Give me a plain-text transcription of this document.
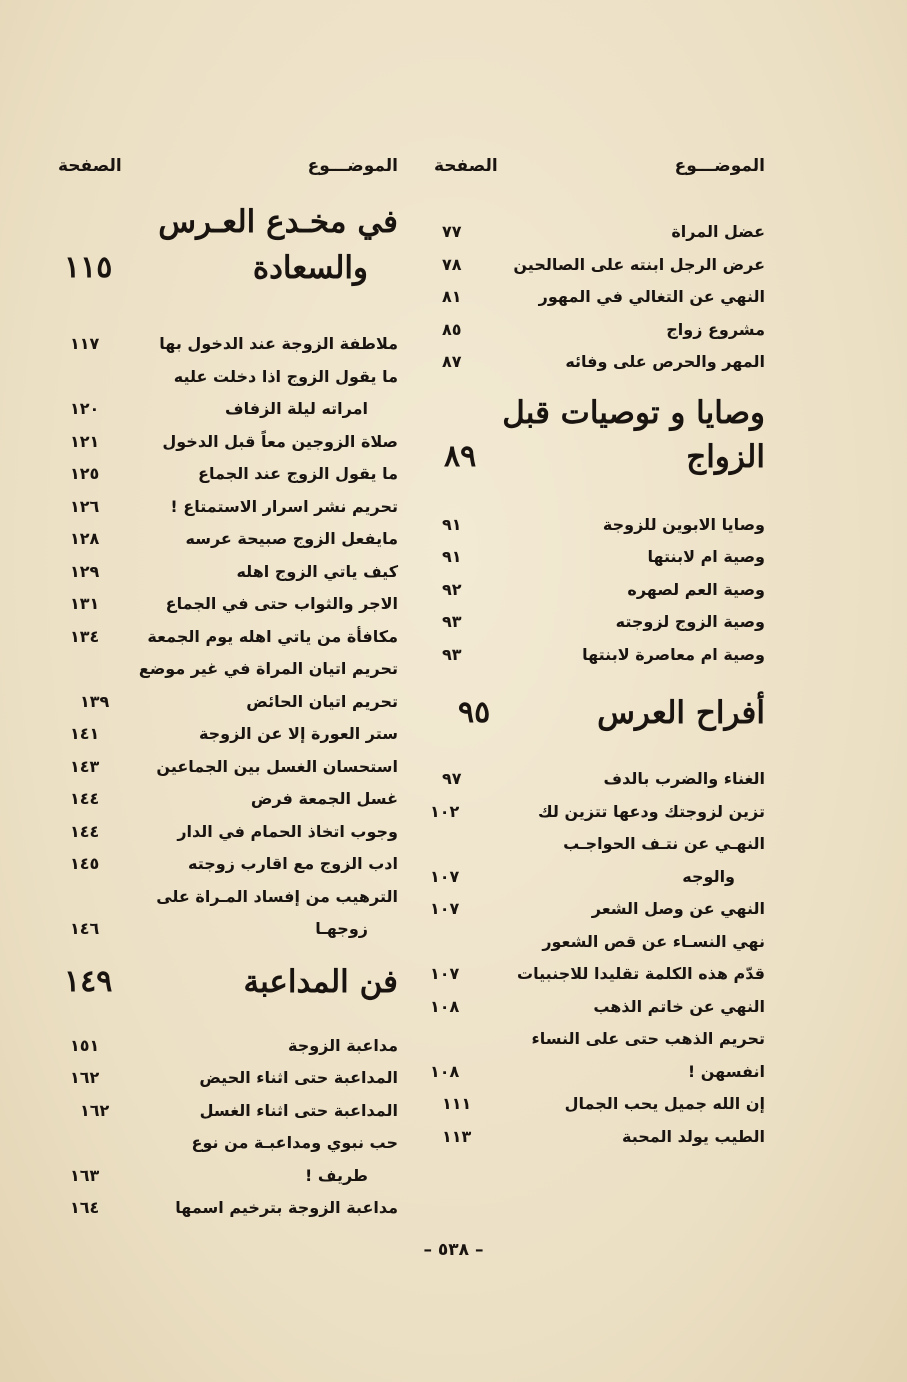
الموضـــوع
الصفحة
عضل المراة
٧٧
عرض الرجل ابنته على الصالحين
٧٨
النهي عن التغالي في المهور
٨١
مشروع زواج
٨٥
المهر والحرص على وفائه
٨٧
وصايا و توصيات قبل
الزواج
٨٩
وصايا الابوين للزوجة
٩١
وصية ام لابنتها
٩١
وصية العم لصهره
٩٢
وصية الزوج لزوجته
٩٣
وصية ام معاصرة لابنتها
٩٣
أفراح العرس
٩٥
الغناء والضرب بالدف
٩٧
تزين لزوجتك ودعها تتزين لك
١٠٢
النهـي عن نتـف الحواجـب
والوجه
١٠٧
النهي عن وصل الشعر
١٠٧
نهي النسـاء عن قص الشعور
قدّم هذه الكلمة تقليدا للاجنبيات
١٠٧
النهي عن خاتم الذهب
١٠٨
تحريم الذهب حتى على النساء
انفسهن !
١٠٨
إن الله جميل يحب الجمال
١١١
الطيب يولد المحبة
١١٣
الموضـــوع
الصفحة
في مخـدع العـرس
والسعادة
١١٥
ملاطفة الزوجة عند الدخول بها
١١٧
ما يقول الزوج اذا دخلت عليه
امراته ليلة الزفاف
١٢٠
صلاة الزوجين معاً قبل الدخول
١٢١
ما يقول الزوج عند الجماع
١٢٥
تحريم نشر اسرار الاستمتاع !
١٢٦
مايفعل الزوج صبيحة عرسه
١٢٨
كيف ياتي الزوج اهله
١٢٩
الاجر والثواب حتى في الجماع
١٣١
مكافأة من ياتي اهله يوم الجمعة
١٣٤
تحريم اتيان المراة في غير موضع
تحريم اتيان الحائض
١٣٩
ستر العورة إلا عن الزوجة
١٤١
استحسان الغسل بين الجماعين
١٤٣
غسل الجمعة فرض
١٤٤
وجوب اتخاذ الحمام في الدار
١٤٤
ادب الزوج مع اقارب زوجته
١٤٥
الترهيب من إفساد المـراة على
زوجهـا
١٤٦
فن المداعبة
١٤٩
مداعبة الزوجة
١٥١
المداعبة حتى اثناء الحيض
١٦٢
المداعبة حتى اثناء الغسل
١٦٢
حب نبوي ومداعبـة من نوع
طريف !
١٦٣
مداعبة الزوجة بترخيم اسمها
١٦٤
– ٥٣٨ –
